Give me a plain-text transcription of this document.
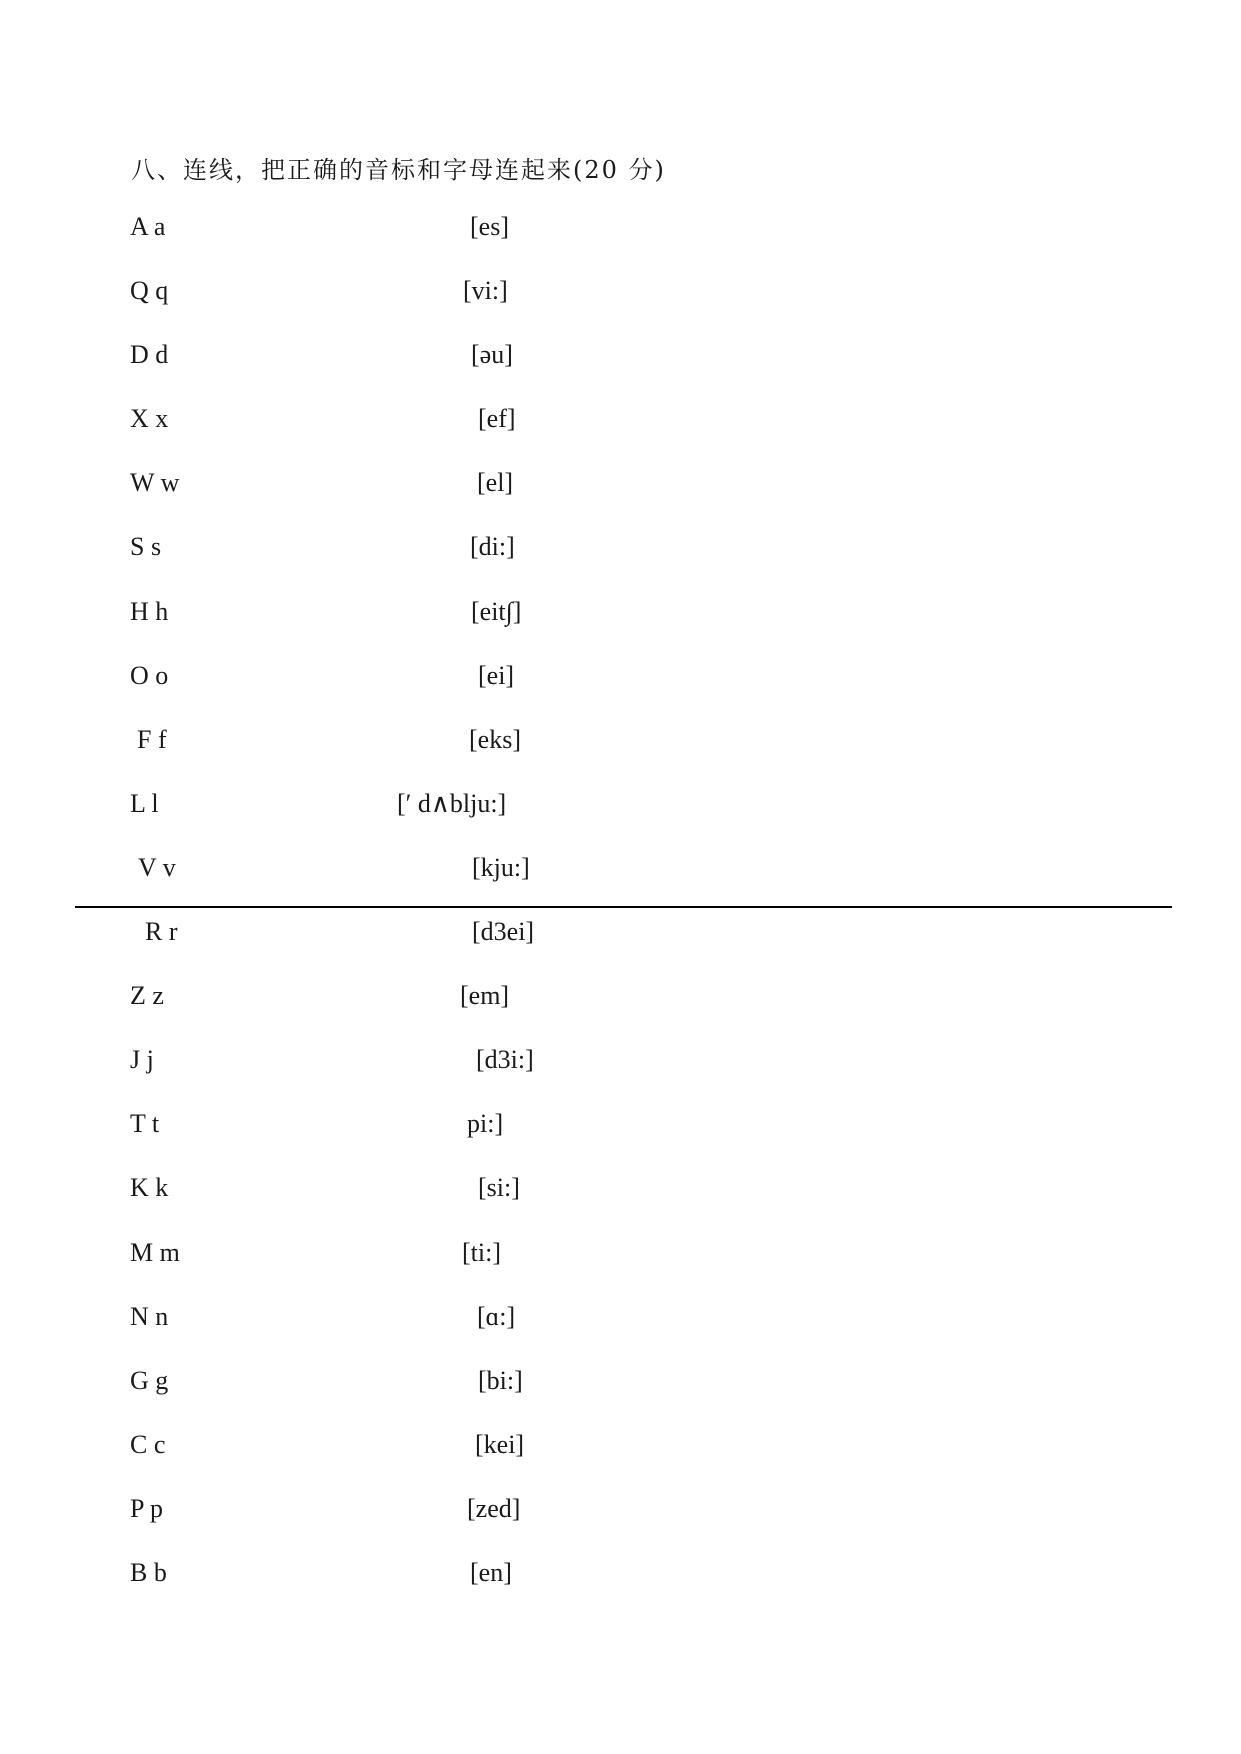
八、连线，把正确的音标和字母连起来(20 分)
A a	[es]
Q q	[vi:]
D d	[əu]
X x	[ef]
W w	[el]
S s	[di:]
H h	[eit∫]
O o	[ei]
F f	[eks]
L l	[′ d∧blju:]
V v	[kju:]
R r	[d3ei]
Z z	[em]
J j	[d3i:]
T t	pi:]
K k	[si:]
M m	[ti:]
N n	[ɑ:]
G g	[bi:]
C c	[kei]
P p	[zed]
B b	[en]
